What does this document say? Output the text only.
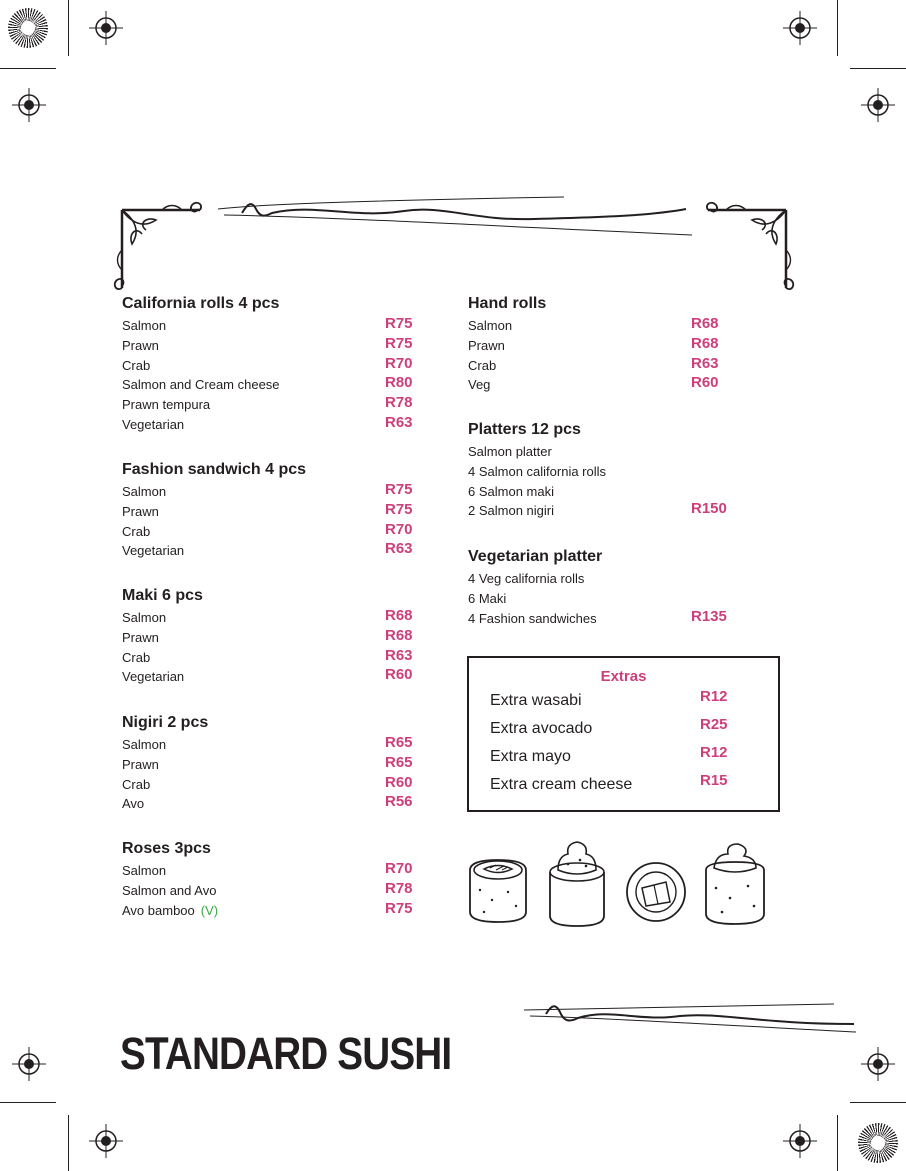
California rolls 4 pcs
Salmon	R75
Prawn	R75
Crab	R70
Salmon and Cream cheese	R80
Prawn tempura	R78
Vegetarian	R63
Fashion sandwich 4 pcs
Salmon	R75
Prawn	R75
Crab	R70
Vegetarian	R63
Maki 6 pcs
Salmon	R68
Prawn	R68
Crab	R63
Vegetarian	R60
Nigiri 2 pcs
Salmon	R65
Prawn	R65
Crab	R60
Avo	R56
Roses 3pcs
Salmon	R70
Salmon and Avo	R78
Avo bamboo (V)	R75
Hand rolls
Salmon	R68
Prawn	R68
Crab	R63
Veg	R60
Platters 12 pcs
Salmon platter
4 Salmon california rolls
6 Salmon maki
2 Salmon nigiri	R150
Vegetarian platter
4 Veg california rolls
6 Maki
4 Fashion sandwiches	R135
Extras
Extra wasabi	R12
Extra avocado	R25
Extra mayo	R12
Extra cream cheese	R15
STANDARD SUSHI
